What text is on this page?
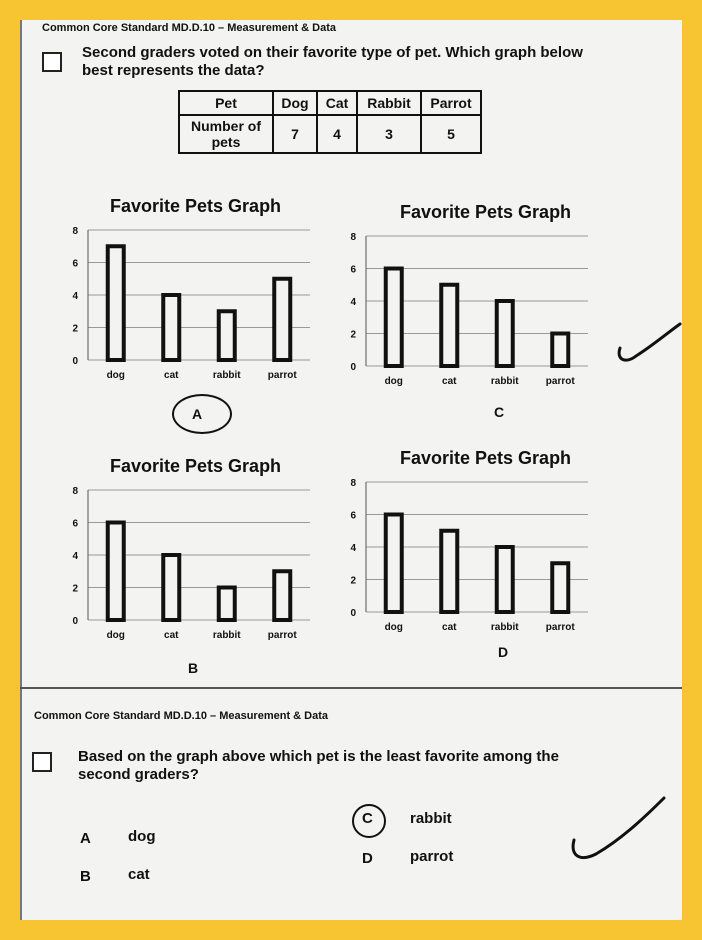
Common Core Standard MD.D.10 – Measurement & Data
Second graders voted on their favorite type of pet. Which graph below best represents the data?
Pet	Dog	Cat	Rabbit	Parrot
Number of pets	7	4	3	5
Favorite Pets Graph
0
2
4
6
8
dog	cat	rabbit	parrot
Favorite Pets Graph
0
2
4
6
8
dog	cat	rabbit	parrot
A	C
Favorite Pets Graph
0
2
4
6
8
dog	cat	rabbit	parrot
Favorite Pets Graph
0
2
4
6
8
dog	cat	rabbit	parrot
B
D
Common Core Standard MD.D.10 – Measurement & Data
Based on the graph above which pet is the least favorite among the second graders?
A dog
B cat
C rabbit
D parrot
